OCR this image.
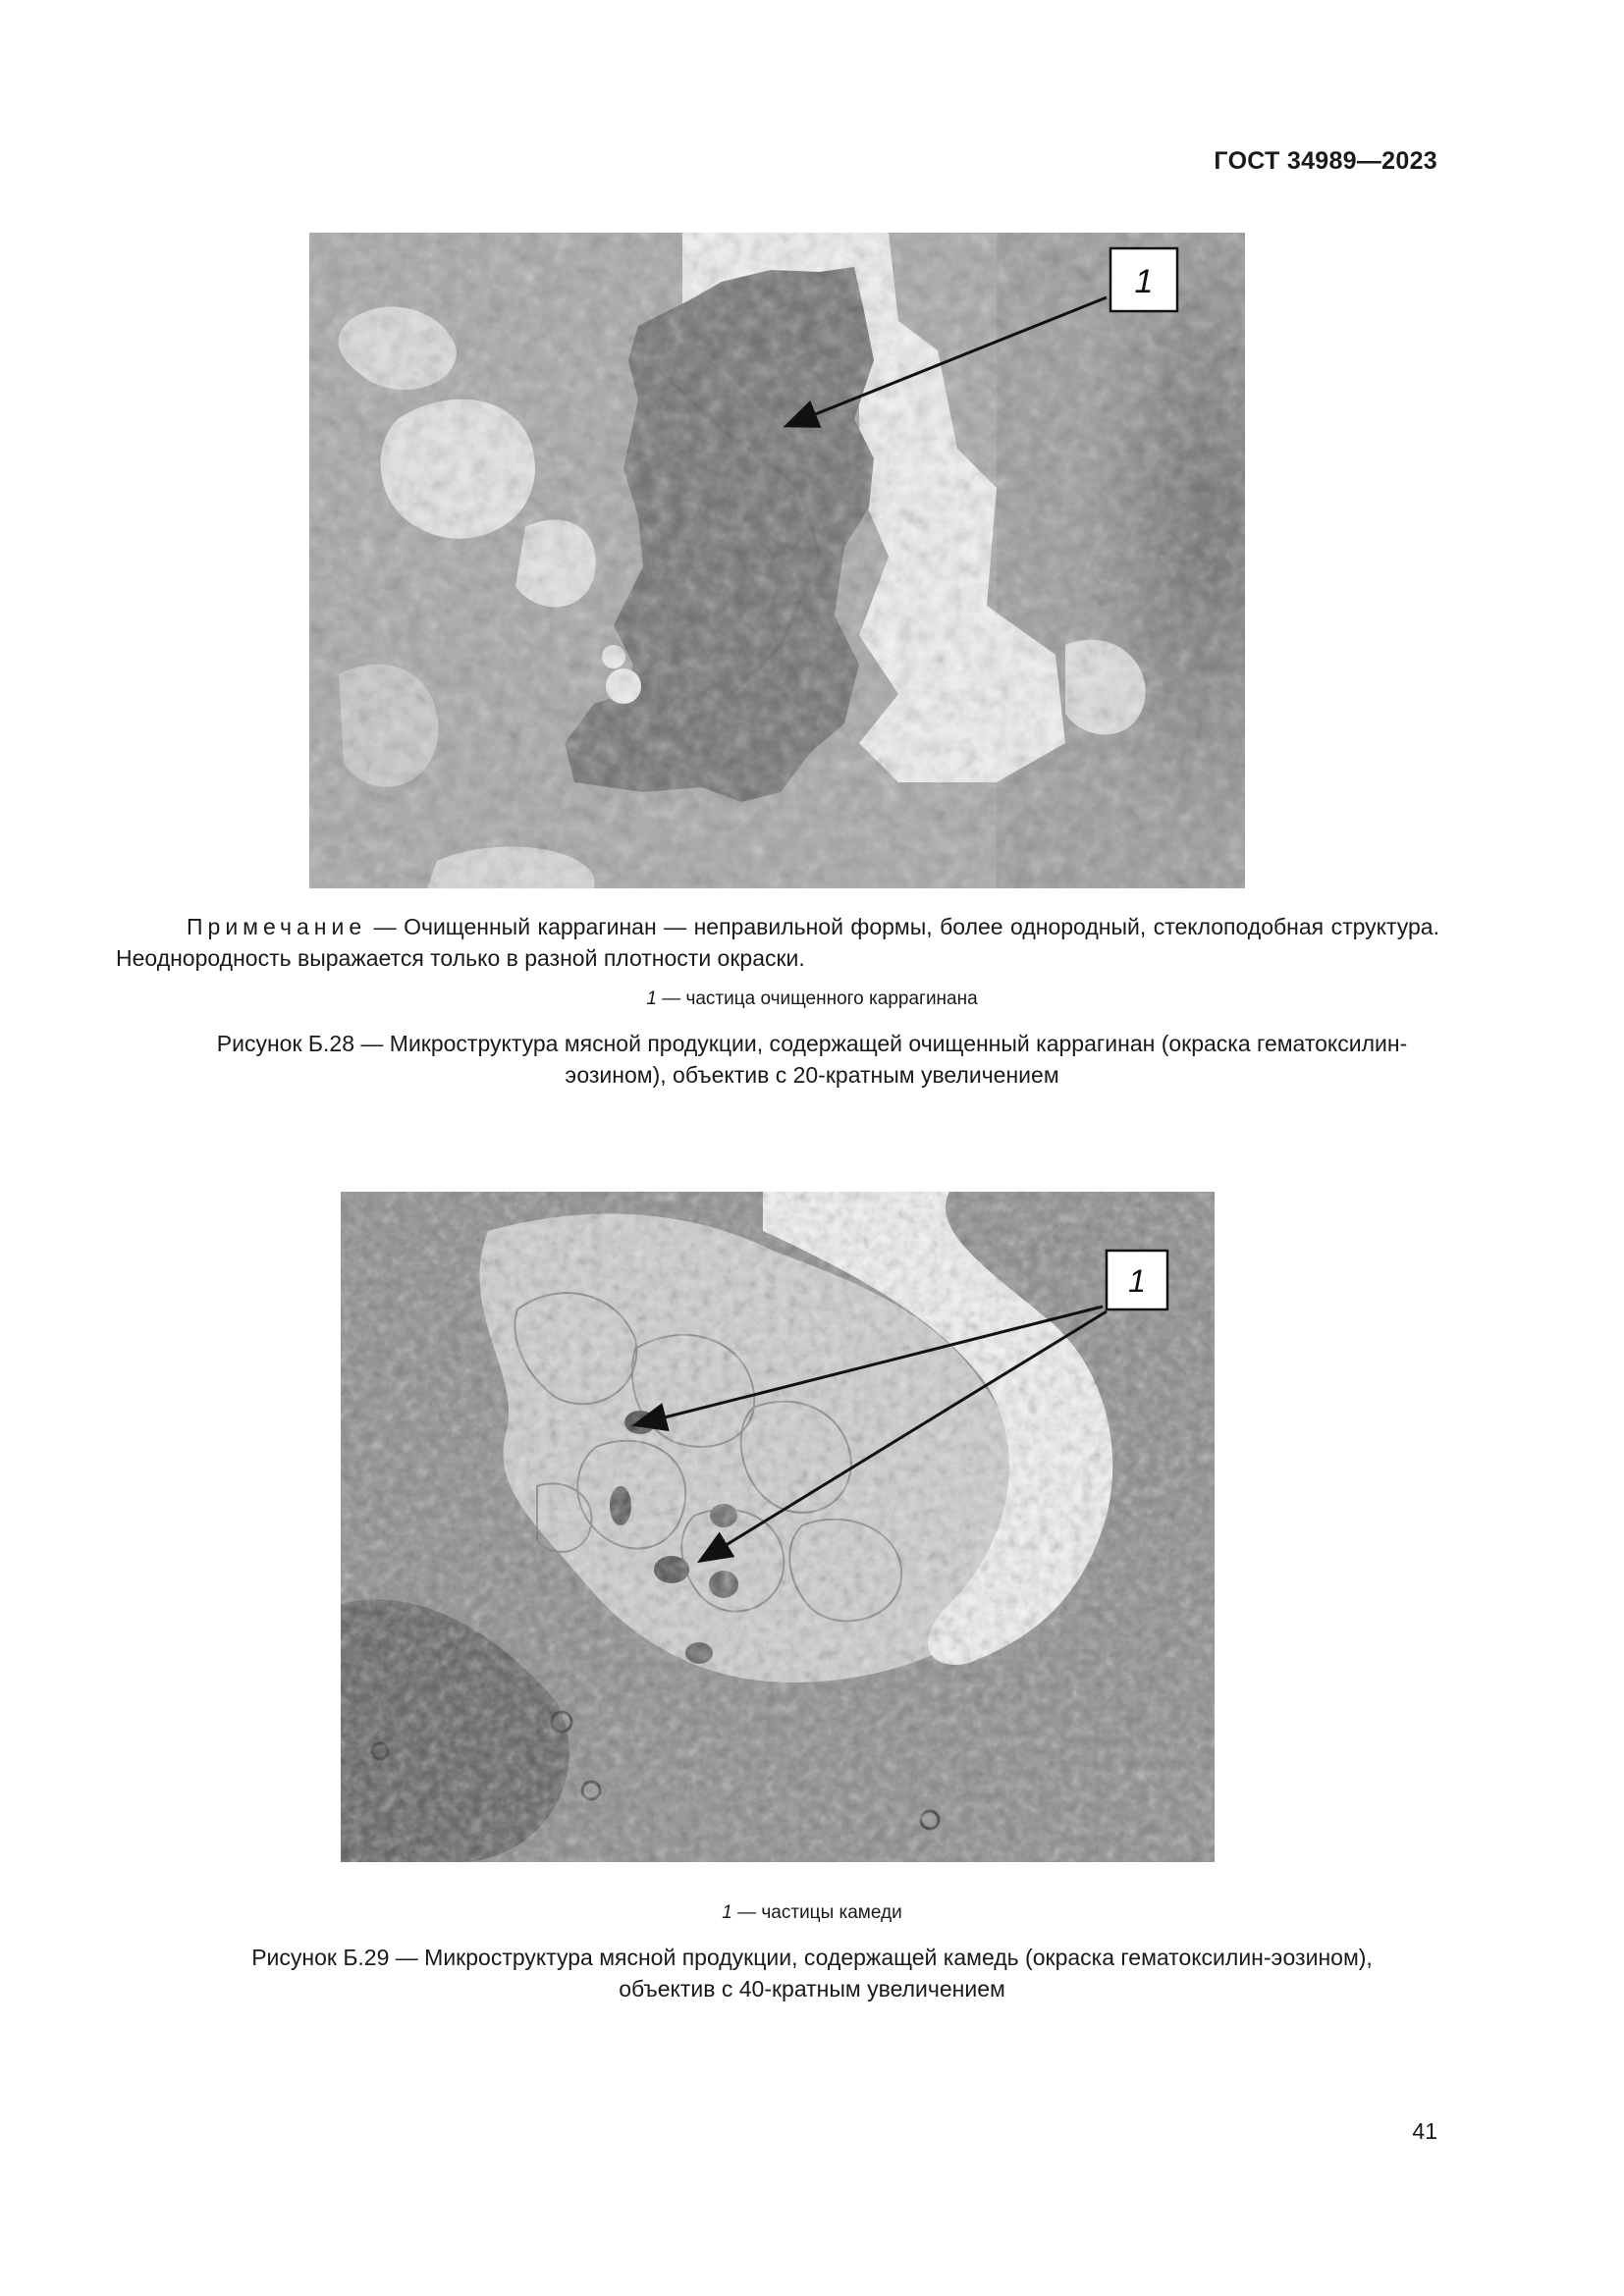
ГОСТ 34989—2023
1
Примечание — Очищенный каррагинан — неправильной формы, более однородный, стеклоподобная структура. Неоднородность выражается только в разной плотности окраски.
1 — частица очищенного каррагинана
Рисунок Б.28 — Микроструктура мясной продукции, содержащей очищенный каррагинан (окраска гематоксилин-
эозином), объектив с 20-кратным увеличением
1
1 — частицы камеди
Рисунок Б.29 — Микроструктура мясной продукции, содержащей камедь (окраска гематоксилин-эозином),
объектив с 40-кратным увеличением
41
